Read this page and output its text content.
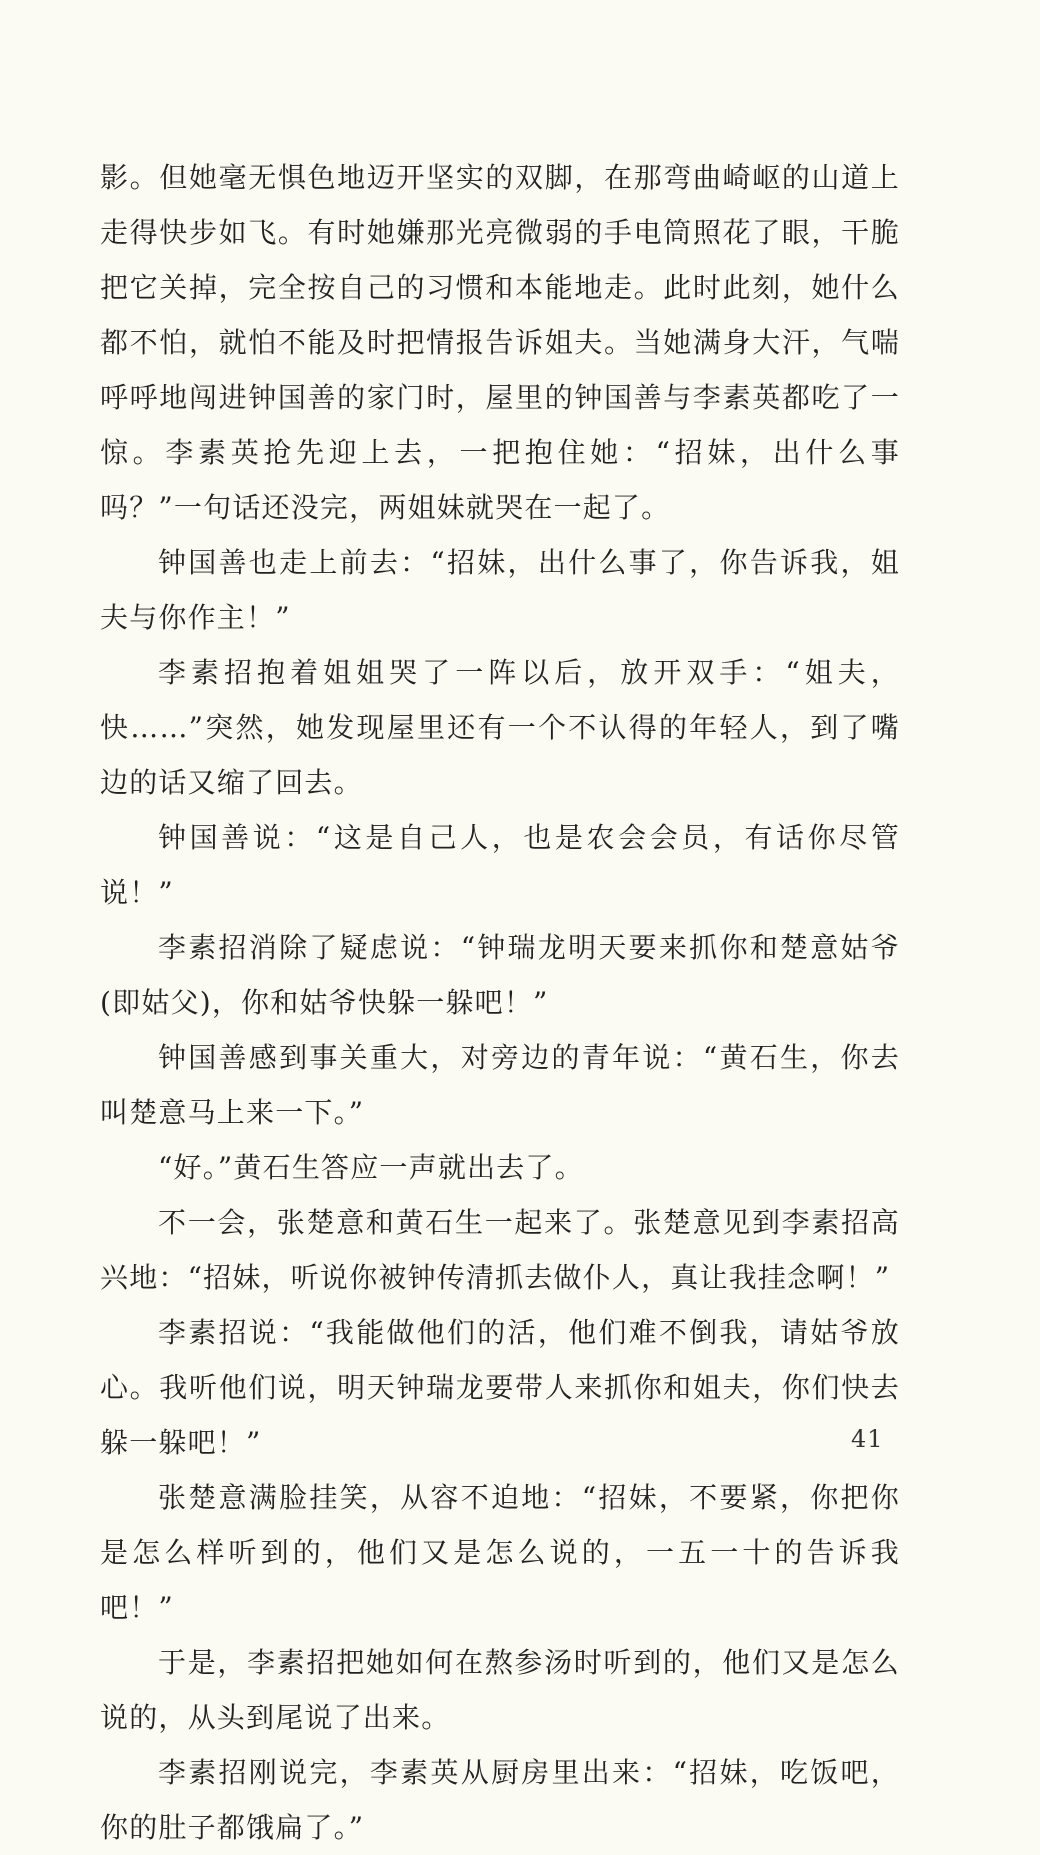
影。但她毫无惧色地迈开坚实的双脚，在那弯曲崎岖的山道上走得快步如飞。有时她嫌那光亮微弱的手电筒照花了眼，干脆把它关掉，完全按自己的习惯和本能地走。此时此刻，她什么都不怕，就怕不能及时把情报告诉姐夫。当她满身大汗，气喘呼呼地闯进钟国善的家门时，屋里的钟国善与李素英都吃了一惊。李素英抢先迎上去，一把抱住她：“招妹，出什么事吗？”一句话还没完，两姐妹就哭在一起了。

钟国善也走上前去：“招妹，出什么事了，你告诉我，姐夫与你作主！”

李素招抱着姐姐哭了一阵以后，放开双手：“姐夫，快……”突然，她发现屋里还有一个不认得的年轻人，到了嘴边的话又缩了回去。

钟国善说：“这是自己人，也是农会会员，有话你尽管说！”

李素招消除了疑虑说：“钟瑞龙明天要来抓你和楚意姑爷(即姑父)，你和姑爷快躲一躲吧！”

钟国善感到事关重大，对旁边的青年说：“黄石生，你去叫楚意马上来一下。”

“好。”黄石生答应一声就出去了。

不一会，张楚意和黄石生一起来了。张楚意见到李素招高兴地：“招妹，听说你被钟传清抓去做仆人，真让我挂念啊！”

李素招说：“我能做他们的活，他们难不倒我，请姑爷放心。我听他们说，明天钟瑞龙要带人来抓你和姐夫，你们快去躲一躲吧！”

张楚意满脸挂笑，从容不迫地：“招妹，不要紧，你把你是怎么样听到的，他们又是怎么说的，一五一十的告诉我吧！”

于是，李素招把她如何在熬参汤时听到的，他们又是怎么说的，从头到尾说了出来。

李素招刚说完，李素英从厨房里出来：“招妹，吃饭吧，你的肚子都饿扁了。”

41
